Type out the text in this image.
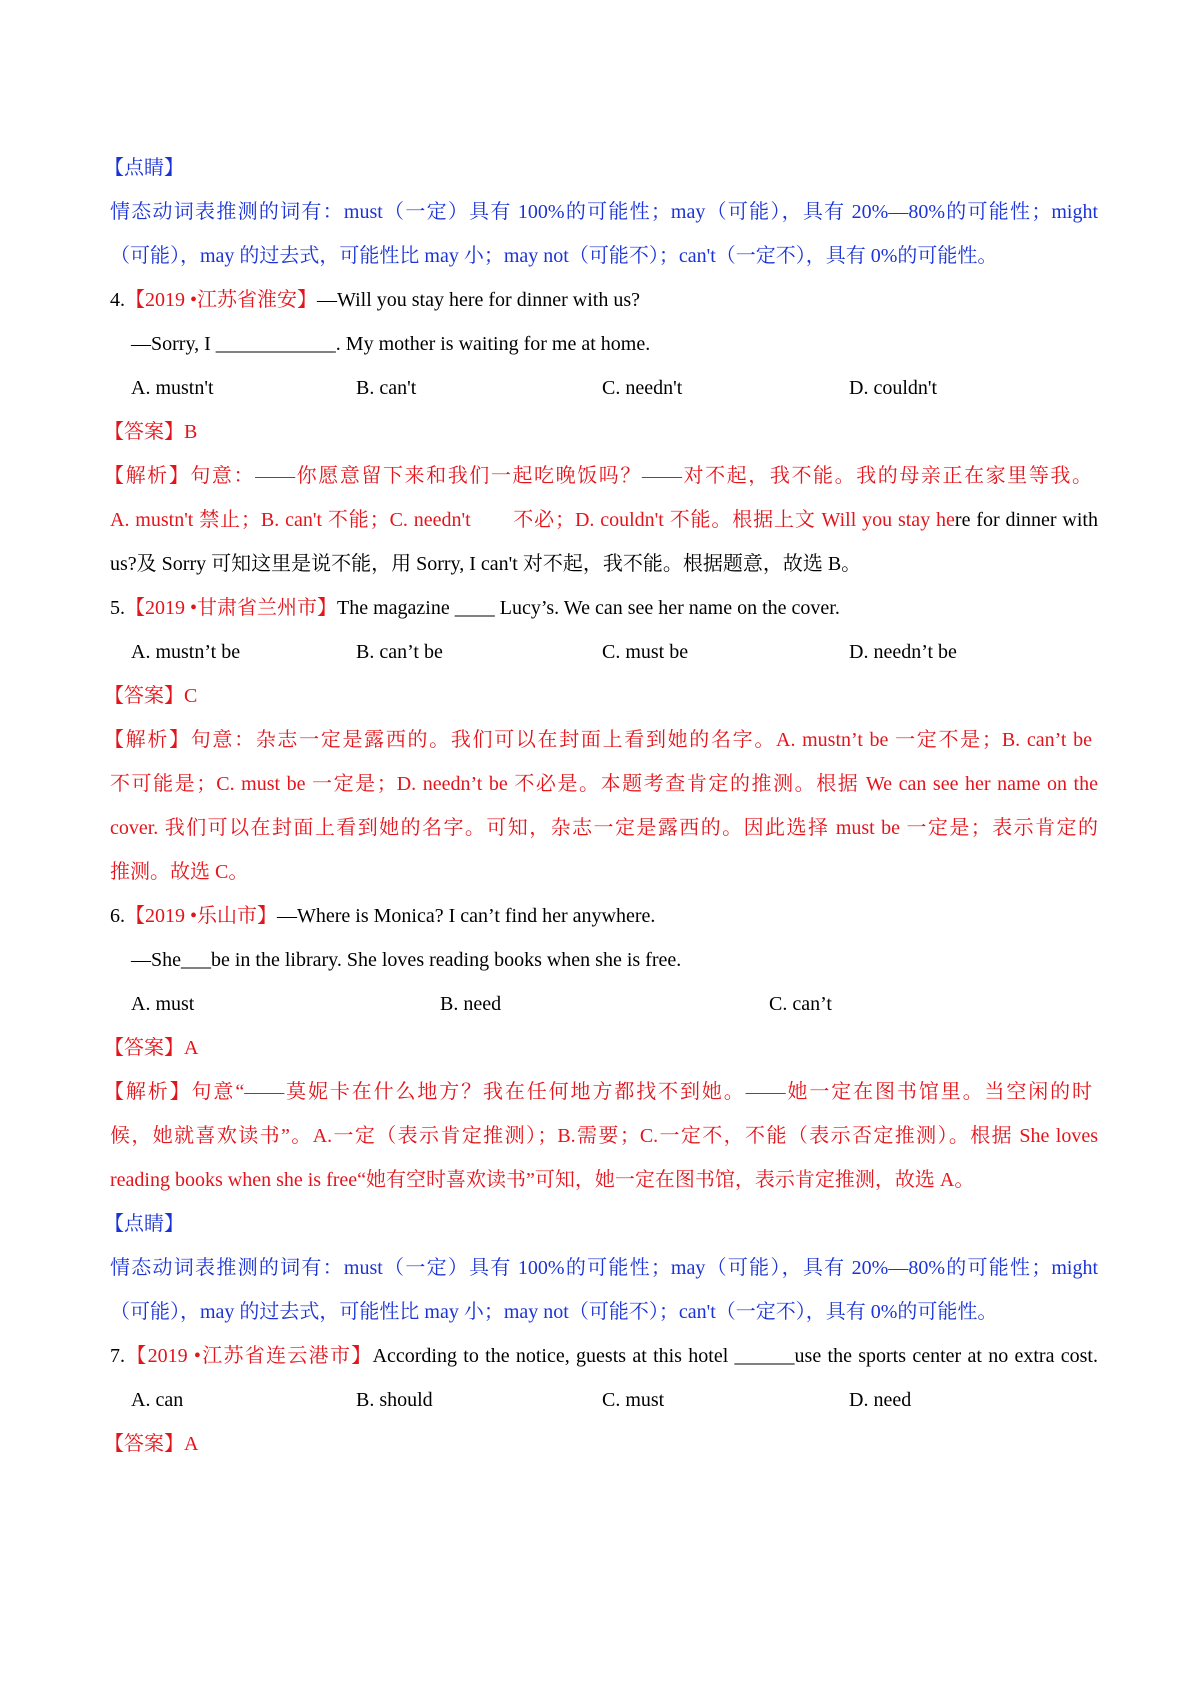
【点睛】
情态动词表推测的词有：must（一定）具有 100%的可能性；may（可能），具有 20%—80%的可能性；might
（可能），may 的过去式，可能性比 may 小；may not（可能不）；can't（一定不），具有 0%的可能性。
4.【2019 •江苏省淮安】—Will you stay here for dinner with us?
—Sorry, I ____________. My mother is waiting for me at home.
A. mustn't	B. can't	C. needn't	D. couldn't
【答案】B
【解析】句意：——你愿意留下来和我们一起吃晚饭吗？——对不起，我不能。我的母亲正在家里等我。
A. mustn't 禁止；B. can't 不能；C. needn't　　不必；D. couldn't 不能。根据上文 Will you stay here for dinner with
us?及 Sorry 可知这里是说不能，用 Sorry, I can't 对不起，我不能。根据题意，故选 B。
5.【2019 •甘肃省兰州市】The magazine ____ Lucy’s. We can see her name on the cover.
A. mustn’t be	B. can’t be	C. must be	D. needn’t be
【答案】C
【解析】句意：杂志一定是露西的。我们可以在封面上看到她的名字。A. mustn’t be 一定不是；B. can’t be
不可能是；C. must be 一定是；D. needn’t be 不必是。本题考查肯定的推测。根据 We can see her name on the
cover. 我们可以在封面上看到她的名字。可知，杂志一定是露西的。因此选择 must be 一定是；表示肯定的
推测。故选 C。
6.【2019 •乐山市】—Where is Monica? I can’t find her anywhere.
—She___be in the library. She loves reading books when she is free.
A. must	B. need	C. can’t
【答案】A
【解析】句意“——莫妮卡在什么地方？我在任何地方都找不到她。——她一定在图书馆里。当空闲的时
候，她就喜欢读书”。A.一定（表示肯定推测）；B.需要；C.一定不，不能（表示否定推测）。根据 She loves
reading books when she is free“她有空时喜欢读书”可知，她一定在图书馆，表示肯定推测，故选 A。
【点睛】
情态动词表推测的词有：must（一定）具有 100%的可能性；may（可能），具有 20%—80%的可能性；might
（可能），may 的过去式，可能性比 may 小；may not（可能不）；can't（一定不），具有 0%的可能性。
7.【2019 •江苏省连云港市】According to the notice, guests at this hotel ______use the sports center at no extra cost.
A. can	B. should	C. must	D. need
【答案】A
